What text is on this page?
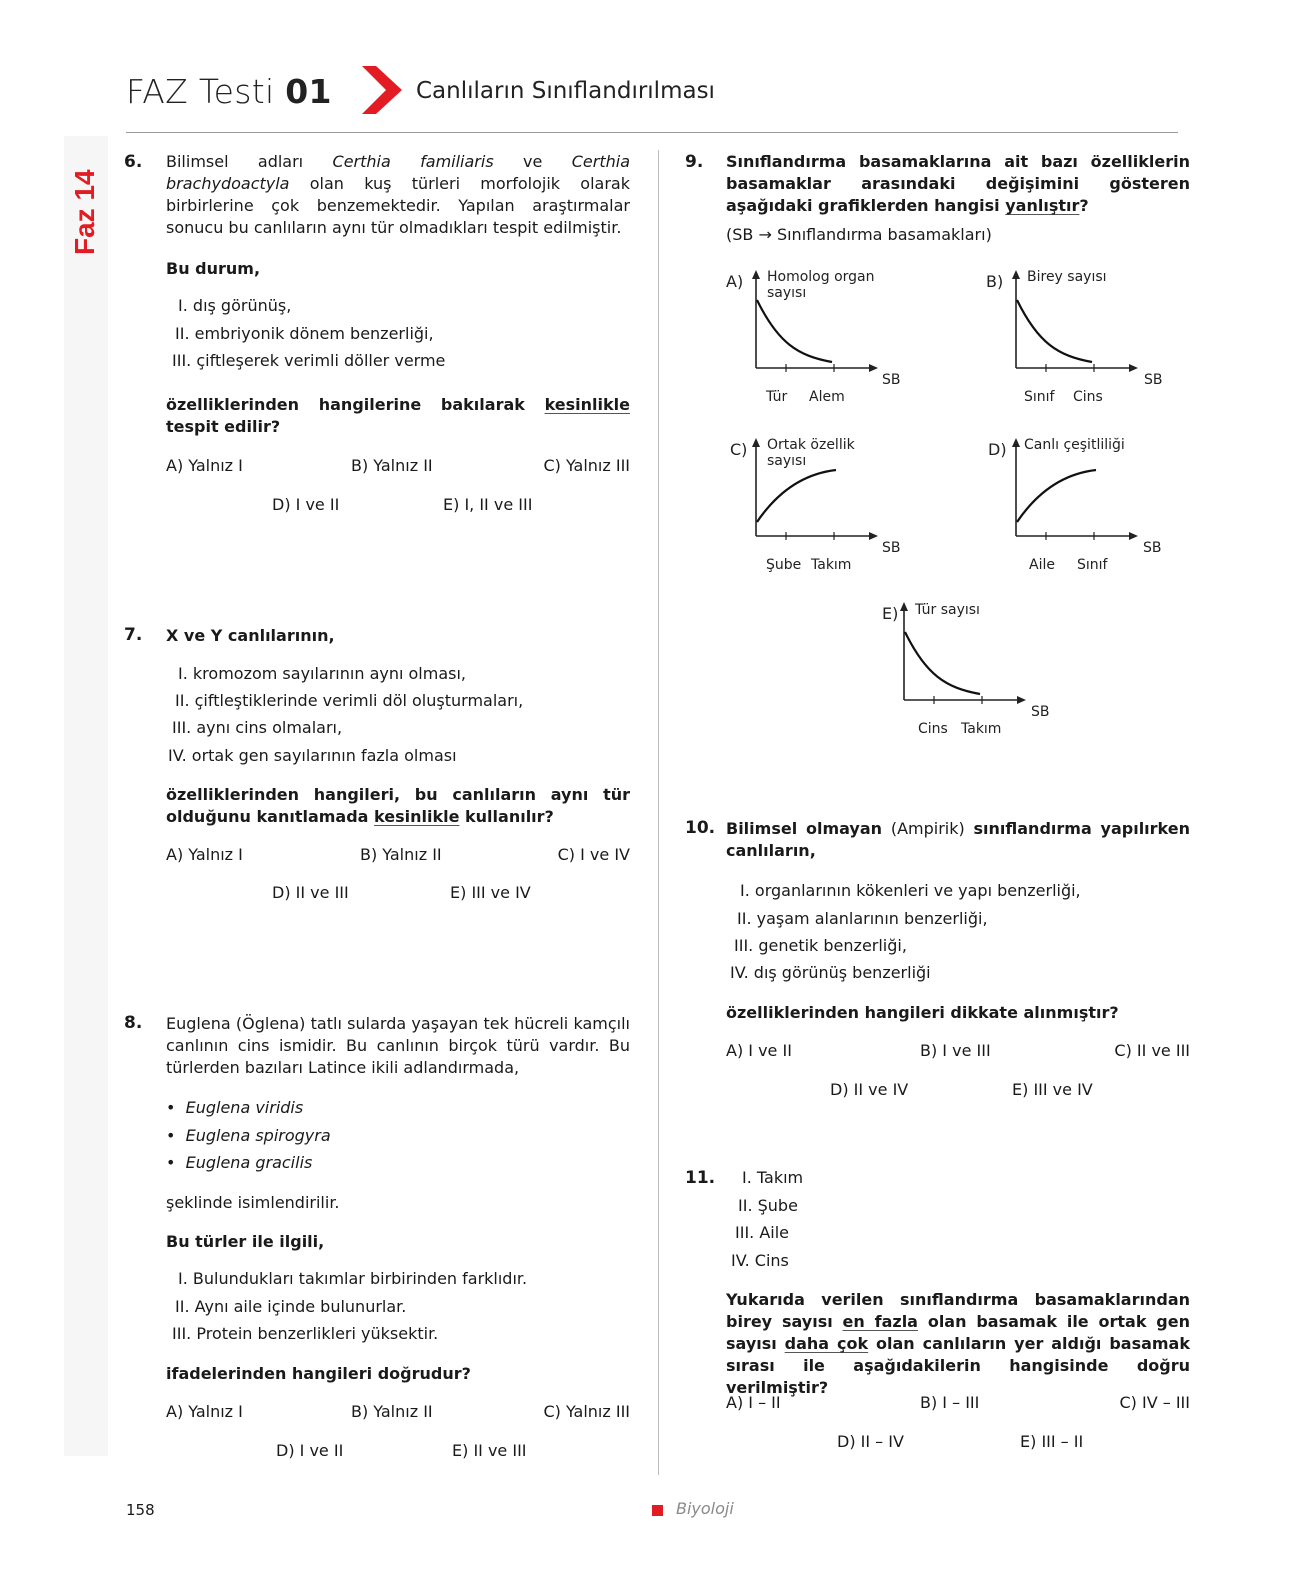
Faz 14
FAZ Testi 01	Canlıların Sınıflandırılması
6. Bilimsel adları Certhia familiaris ve Certhia brachydoactyla olan kuş türleri morfolojik olarak birbirlerine çok benzemektedir. Yapılan araştırmalar sonucu bu canlıların aynı tür olmadıkları tespit edilmiştir.
Bu durum,
I. dış görünüş,
II. embriyonik dönem benzerliği,
III. çiftleşerek verimli döller verme
özelliklerinden hangilerine bakılarak kesinlikle tespit edilir?
A) Yalnız I	B) Yalnız II	C) Yalnız III
D) I ve II	E) I, II ve III
7. X ve Y canlılarının,
I. kromozom sayılarının aynı olması,
II. çiftleştiklerinde verimli döl oluşturmaları,
III. aynı cins olmaları,
IV. ortak gen sayılarının fazla olması
özelliklerinden hangileri, bu canlıların aynı tür olduğunu kanıtlamada kesinlikle kullanılır?
A) Yalnız I	B) Yalnız II	C) I ve IV
D) II ve III	E) III ve IV
8. Euglena (Öglena) tatlı sularda yaşayan tek hücreli kamçılı canlının cins ismidir. Bu canlının birçok türü vardır. Bu türlerden bazıları Latince ikili adlandırmada,
•  Euglena viridis
•  Euglena spirogyra
•  Euglena gracilis
şeklinde isimlendirilir.
Bu türler ile ilgili,
I. Bulundukları takımlar birbirinden farklıdır.
II. Aynı aile içinde bulunurlar.
III. Protein benzerlikleri yüksektir.
ifadelerinden hangileri doğrudur?
A) Yalnız I	B) Yalnız II	C) Yalnız III
D) I ve II	E) II ve III
9. Sınıflandırma basamaklarına ait bazı özelliklerin basamaklar arasındaki değişimini gösteren aşağıdaki grafiklerden hangisi yanlıştır?
(SB → Sınıflandırma basamakları)
A) Homolog organ
sayısı
SB
Tür Alem
B) Birey sayısı
SB
Sınıf Cins
C) Ortak özellik
sayısı
SB
Şube Takım
D) Canlı çeşitliliği
SB
Aile Sınıf
E) Tür sayısı
SB
Cins Takım
10. Bilimsel olmayan (Ampirik) sınıflandırma yapılırken canlıların,
I. organlarının kökenleri ve yapı benzerliği,
II. yaşam alanlarının benzerliği,
III. genetik benzerliği,
IV. dış görünüş benzerliği
özelliklerinden hangileri dikkate alınmıştır?
A) I ve II	B) I ve III	C) II ve III
D) II ve IV	E) III ve IV
11. I. Takım
II. Şube
III. Aile
IV. Cins
Yukarıda verilen sınıflandırma basamaklarından birey sayısı en fazla olan basamak ile ortak gen sayısı daha çok olan canlıların yer aldığı basamak sırası ile aşağıdakilerin hangisinde doğru verilmiştir?
A) I – II	B) I – III	C) IV – III
D) II – IV	E) III – II
158	Biyoloji
